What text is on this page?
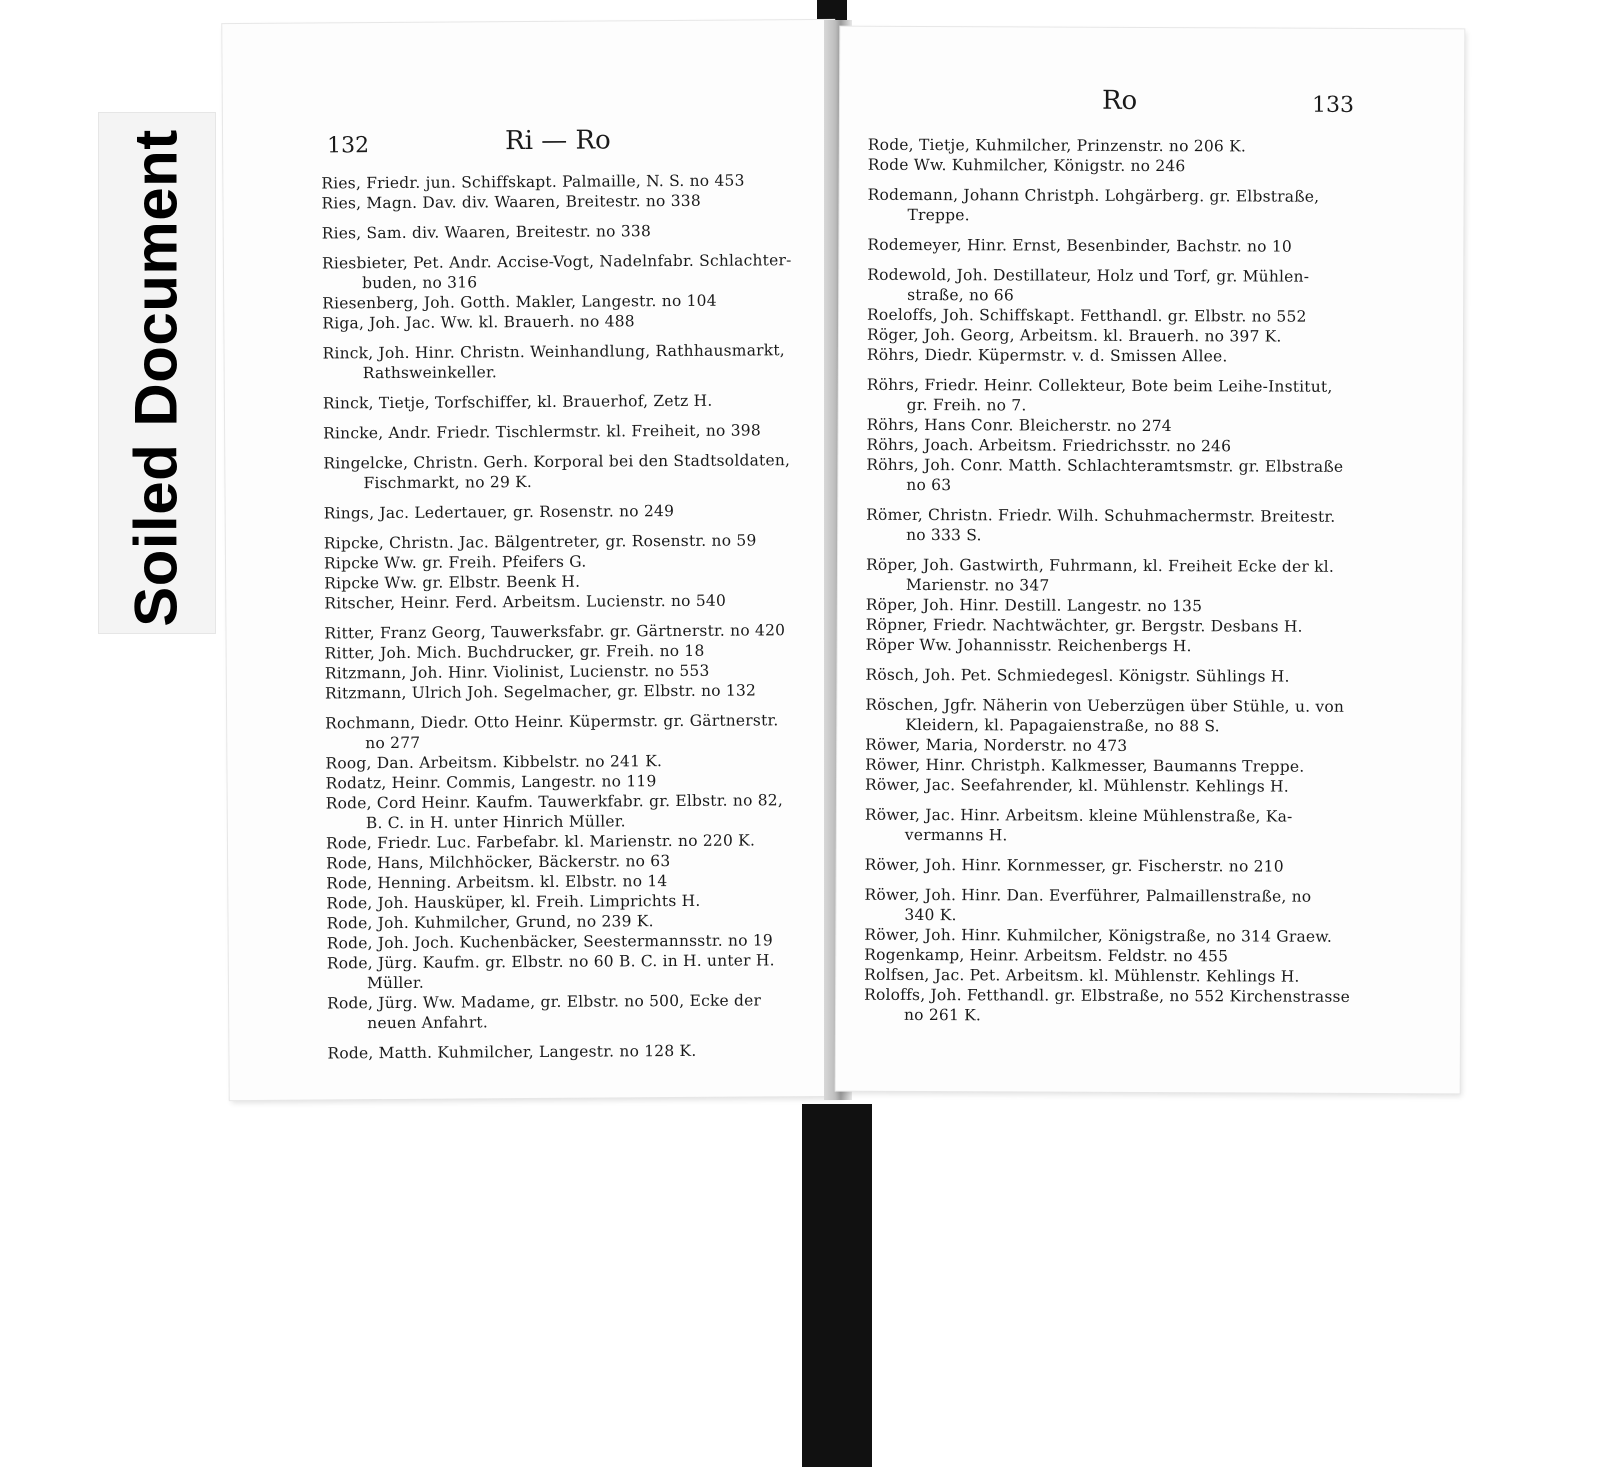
Soiled Document	132	Ri — Ro
Ries, Friedr. jun. Schiffskapt. Palmaille, N. S. no 453
Ries, Magn. Dav. div. Waaren, Breitestr. no 338
Ries, Sam. div. Waaren, Breitestr. no 338
Riesbieter, Pet. Andr. Accise-Vogt, Nadelnfabr. Schlachter-
buden, no 316
Riesenberg, Joh. Gotth. Makler, Langestr. no 104
Riga, Joh. Jac. Ww. kl. Brauerh. no 488
Rinck, Joh. Hinr. Christn. Weinhandlung, Rathhausmarkt,
Rathsweinkeller.
Rinck, Tietje, Torfschiffer, kl. Brauerhof, Zetz H.
Rincke, Andr. Friedr. Tischlermstr. kl. Freiheit, no 398
Ringelcke, Christn. Gerh. Korporal bei den Stadtsoldaten,
Fischmarkt, no 29 K.
Rings, Jac. Ledertauer, gr. Rosenstr. no 249
Ripcke, Christn. Jac. Bälgentreter, gr. Rosenstr. no 59
Ripcke Ww. gr. Freih. Pfeifers G.
Ripcke Ww. gr. Elbstr. Beenk H.
Ritscher, Heinr. Ferd. Arbeitsm. Lucienstr. no 540
Ritter, Franz Georg, Tauwerksfabr. gr. Gärtnerstr. no 420
Ritter, Joh. Mich. Buchdrucker, gr. Freih. no 18
Ritzmann, Joh. Hinr. Violinist, Lucienstr. no 553
Ritzmann, Ulrich Joh. Segelmacher, gr. Elbstr. no 132
Rochmann, Diedr. Otto Heinr. Küpermstr. gr. Gärtnerstr.
no 277
Roog, Dan. Arbeitsm. Kibbelstr. no 241 K.
Rodatz, Heinr. Commis, Langestr. no 119
Rode, Cord Heinr. Kaufm. Tauwerkfabr. gr. Elbstr. no 82,
B. C. in H. unter Hinrich Müller.
Rode, Friedr. Luc. Farbefabr. kl. Marienstr. no 220 K.
Rode, Hans, Milchhöcker, Bäckerstr. no 63
Rode, Henning. Arbeitsm. kl. Elbstr. no 14
Rode, Joh. Hausküper, kl. Freih. Limprichts H.
Rode, Joh. Kuhmilcher, Grund, no 239 K.
Rode, Joh. Joch. Kuchenbäcker, Seestermannsstr. no 19
Rode, Jürg. Kaufm. gr. Elbstr. no 60 B. C. in H. unter H.
Müller.
Rode, Jürg. Ww. Madame, gr. Elbstr. no 500, Ecke der
neuen Anfahrt.
Rode, Matth. Kuhmilcher, Langestr. no 128 K.
Ro	133
Rode, Tietje, Kuhmilcher, Prinzenstr. no 206 K.
Rode Ww. Kuhmilcher, Königstr. no 246
Rodemann, Johann Christph. Lohgärberg. gr. Elbstraße,
Treppe.
Rodemeyer, Hinr. Ernst, Besenbinder, Bachstr. no 10
Rodewold, Joh. Destillateur, Holz und Torf, gr. Mühlen-
straße, no 66
Roeloffs, Joh. Schiffskapt. Fetthandl. gr. Elbstr. no 552
Röger, Joh. Georg, Arbeitsm. kl. Brauerh. no 397 K.
Röhrs, Diedr. Küpermstr. v. d. Smissen Allee.
Röhrs, Friedr. Heinr. Collekteur, Bote beim Leihe-Institut,
gr. Freih. no 7.
Röhrs, Hans Conr. Bleicherstr. no 274
Röhrs, Joach. Arbeitsm. Friedrichsstr. no 246
Röhrs, Joh. Conr. Matth. Schlachteramtsmstr. gr. Elbstraße
no 63
Römer, Christn. Friedr. Wilh. Schuhmachermstr. Breitestr.
no 333 S.
Röper, Joh. Gastwirth, Fuhrmann, kl. Freiheit Ecke der kl.
Marienstr. no 347
Röper, Joh. Hinr. Destill. Langestr. no 135
Röpner, Friedr. Nachtwächter, gr. Bergstr. Desbans H.
Röper Ww. Johannisstr. Reichenbergs H.
Rösch, Joh. Pet. Schmiedegesl. Königstr. Sühlings H.
Röschen, Jgfr. Näherin von Ueberzügen über Stühle, u. von
Kleidern, kl. Papagaienstraße, no 88 S.
Röwer, Maria, Norderstr. no 473
Röwer, Hinr. Christph. Kalkmesser, Baumanns Treppe.
Röwer, Jac. Seefahrender, kl. Mühlenstr. Kehlings H.
Röwer, Jac. Hinr. Arbeitsm. kleine Mühlenstraße, Ka-
vermanns H.
Röwer, Joh. Hinr. Kornmesser, gr. Fischerstr. no 210
Röwer, Joh. Hinr. Dan. Everführer, Palmaillenstraße, no
340 K.
Röwer, Joh. Hinr. Kuhmilcher, Königstraße, no 314 Graew.
Rogenkamp, Heinr. Arbeitsm. Feldstr. no 455
Rolfsen, Jac. Pet. Arbeitsm. kl. Mühlenstr. Kehlings H.
Roloffs, Joh. Fetthandl. gr. Elbstraße, no 552 Kirchenstrasse
no 261 K.
